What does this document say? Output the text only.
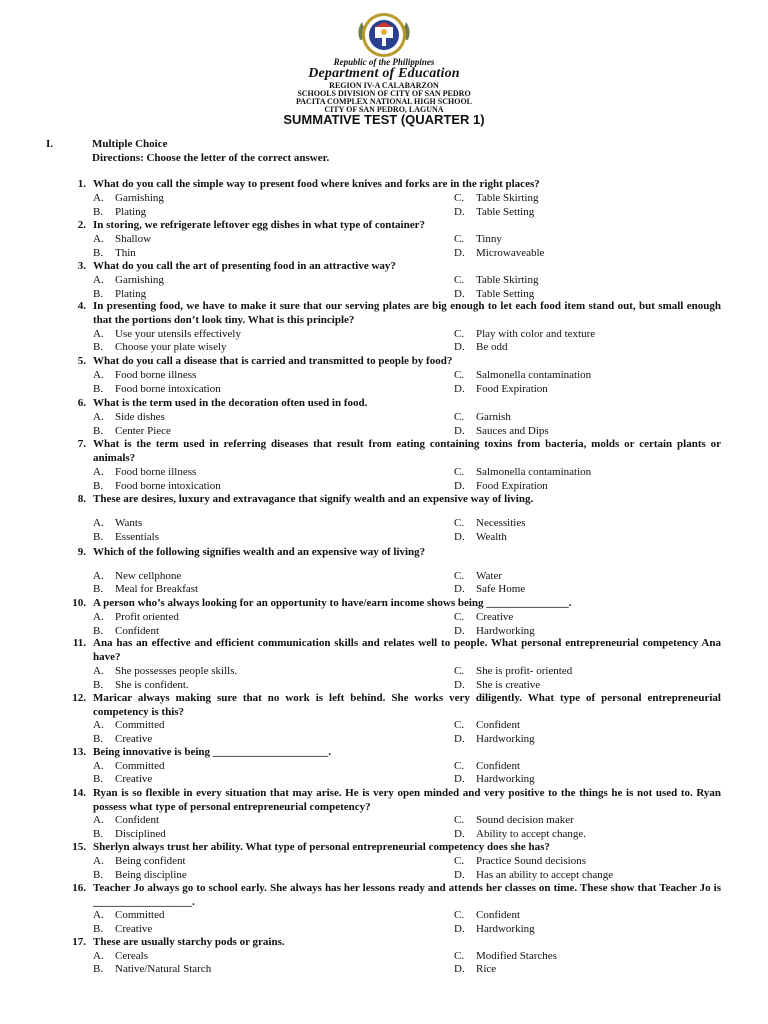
Republic of the Philippines
Department of Education
REGION IV-A CALABARZON
SCHOOLS DIVISION OF CITY OF SAN PEDRO
PACITA COMPLEX NATIONAL HIGH SCHOOL
CITY OF SAN PEDRO, LAGUNA
SUMMATIVE TEST (QUARTER 1)
I.	Multiple Choice
Directions: Choose the letter of the correct answer.
1. What do you call the simple way to present food where knives and forks are in the right places?
A. Garnishing
B. Plating
C. Table Skirting
D. Table Setting
2. In storing, we refrigerate leftover egg dishes in what type of container?
A. Shallow
B. Thin
C. Tinny
D. Microwaveable
3. What do you call the art of presenting food in an attractive way?
A. Garnishing
B. Plating
C. Table Skirting
D. Table Setting
4. In presenting food, we have to make it sure that our serving plates are big enough to let each food item stand out, but small enough that the portions don’t look tiny. What is this principle?
A. Use your utensils effectively
B. Choose your plate wisely
C. Play with color and texture
D. Be odd
5. What do you call a disease that is carried and transmitted to people by food?
A. Food borne illness
B. Food borne intoxication
C. Salmonella contamination
D. Food Expiration
6. What is the term used in the decoration often used in food.
A. Side dishes
B. Center Piece
C. Garnish
D. Sauces and Dips
7. What is the term used in referring diseases that result from eating containing toxins from bacteria, molds or certain plants or animals?
A. Food borne illness
B. Food borne intoxication
C. Salmonella contamination
D. Food Expiration
8. These are desires, luxury and extravagance that signify wealth and an expensive way of living.
A. Wants
B. Essentials
C. Necessities
D. Wealth
9. Which of the following signifies wealth and an expensive way of living?
A. New cellphone
B. Meal for Breakfast
C. Water
D. Safe Home
10. A person who’s always looking for an opportunity to have/earn income shows being _______________.
A. Profit oriented
B. Confident
C. Creative
D. Hardworking
11. Ana has an effective and efficient communication skills and relates well to people. What personal entrepreneurial competency Ana have?
A. She possesses people skills.
B. She is confident.
C. She is profit- oriented
D. She is creative
12. Maricar always making sure that no work is left behind. She works very diligently. What type of personal entrepreneurial competency is this?
A. Committed
B. Creative
C. Confident
D. Hardworking
13. Being innovative is being _____________________.
A. Committed
B. Creative
C. Confident
D. Hardworking
14. Ryan is so flexible in every situation that may arise. He is very open minded and very positive to the things he is not used to. Ryan possess what type of personal entrepreneurial competency?
A. Confident
B. Disciplined
C. Sound decision maker
D. Ability to accept change.
15. Sherlyn always trust her ability. What type of personal entrepreneurial competency does she has?
A. Being confident
B. Being discipline
C. Practice Sound decisions
D. Has an ability to accept change
16. Teacher Jo always go to school early. She always has her lessons ready and attends her classes on time. These show that Teacher Jo is __________________.
A. Committed
B. Creative
C. Confident
D. Hardworking
17. These are usually starchy pods or grains.
A. Cereals
B. Native/Natural Starch
C. Modified Starches
D. Rice
